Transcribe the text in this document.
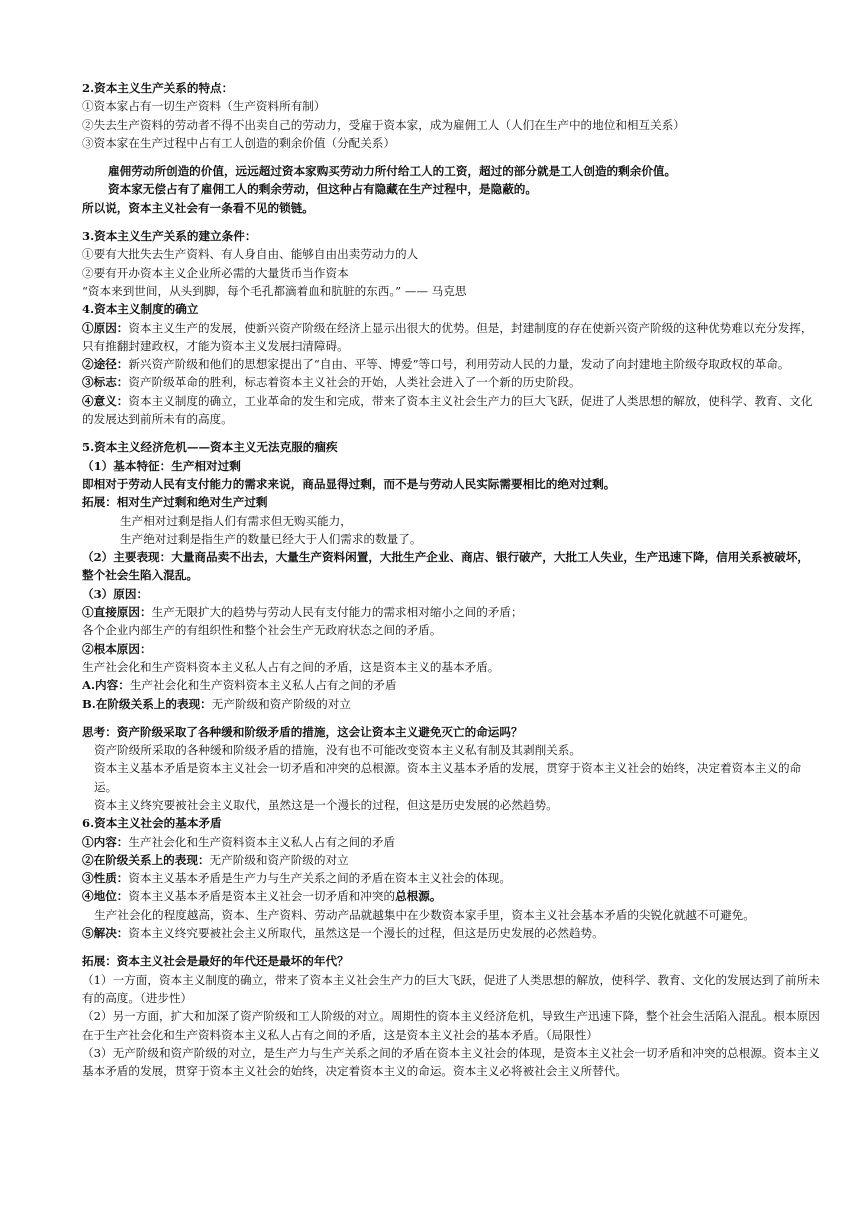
2.资本主义生产关系的特点：
①资本家占有一切生产资料（生产资料所有制）
②失去生产资料的劳动者不得不出卖自己的劳动力，受雇于资本家，成为雇佣工人（人们在生产中的地位和相互关系）
③资本家在生产过程中占有工人创造的剩余价值（分配关系）
雇佣劳动所创造的价值，远远超过资本家购买劳动力所付给工人的工资，超过的部分就是工人创造的剩余价值。
资本家无偿占有了雇佣工人的剩余劳动，但这种占有隐藏在生产过程中，是隐蔽的。
所以说，资本主义社会有一条看不见的锁链。
3.资本主义生产关系的建立条件：
①要有大批失去生产资料、有人身自由、能够自由出卖劳动力的人
②要有开办资本主义企业所必需的大量货币当作资本
“资本来到世间，从头到脚，每个毛孔都滴着血和肮脏的东西。” —— 马克思
4.资本主义制度的确立
①原因：资本主义生产的发展，使新兴资产阶级在经济上显示出很大的优势。但是，封建制度的存在使新兴资产阶级的这种优势难以充分发挥，只有推翻封建政权，才能为资本主义发展扫清障碍。
②途径：新兴资产阶级和他们的思想家提出了“自由、平等、博爱”等口号，利用劳动人民的力量，发动了向封建地主阶级夺取政权的革命。
③标志：资产阶级革命的胜利，标志着资本主义社会的开始，人类社会进入了一个新的历史阶段。
④意义：资本主义制度的确立，工业革命的发生和完成，带来了资本主义社会生产力的巨大飞跃，促进了人类思想的解放，使科学、教育、文化的发展达到前所未有的高度。
5.资本主义经济危机——资本主义无法克服的痼疾
（1）基本特征：生产相对过剩
即相对于劳动人民有支付能力的需求来说，商品显得过剩，而不是与劳动人民实际需要相比的绝对过剩。
拓展：相对生产过剩和绝对生产过剩
生产相对过剩是指人们有需求但无购买能力，
生产绝对过剩是指生产的数量已经大于人们需求的数量了。
（2）主要表现：大量商品卖不出去，大量生产资料闲置，大批生产企业、商店、银行破产，大批工人失业，生产迅速下降，信用关系被破坏，整个社会生陷入混乱。
（3）原因：
①直接原因：生产无限扩大的趋势与劳动人民有支付能力的需求相对缩小之间的矛盾；
各个企业内部生产的有组织性和整个社会生产无政府状态之间的矛盾。
②根本原因：
生产社会化和生产资料资本主义私人占有之间的矛盾，这是资本主义的基本矛盾。
A.内容：生产社会化和生产资料资本主义私人占有之间的矛盾
B.在阶级关系上的表现：无产阶级和资产阶级的对立
思考：资产阶级采取了各种缓和阶级矛盾的措施，这会让资本主义避免灭亡的命运吗？
资产阶级所采取的各种缓和阶级矛盾的措施，没有也不可能改变资本主义私有制及其剥削关系。
资本主义基本矛盾是资本主义社会一切矛盾和冲突的总根源。资本主义基本矛盾的发展，贯穿于资本主义社会的始终，决定着资本主义的命运。
资本主义终究要被社会主义取代，虽然这是一个漫长的过程，但这是历史发展的必然趋势。
6.资本主义社会的基本矛盾
①内容：生产社会化和生产资料资本主义私人占有之间的矛盾
②在阶级关系上的表现：无产阶级和资产阶级的对立
③性质：资本主义基本矛盾是生产力与生产关系之间的矛盾在资本主义社会的体现。
④地位：资本主义基本矛盾是资本主义社会一切矛盾和冲突的总根源。
生产社会化的程度越高，资本、生产资料、劳动产品就越集中在少数资本家手里，资本主义社会基本矛盾的尖锐化就越不可避免。
⑤解决：资本主义终究要被社会主义所取代，虽然这是一个漫长的过程，但这是历史发展的必然趋势。
拓展：资本主义社会是最好的年代还是最坏的年代？
（1）一方面，资本主义制度的确立，带来了资本主义社会生产力的巨大飞跃，促进了人类思想的解放，使科学、教育、文化的发展达到了前所未有的高度。（进步性）
（2）另一方面，扩大和加深了资产阶级和工人阶级的对立。周期性的资本主义经济危机，导致生产迅速下降，整个社会生活陷入混乱。根本原因在于生产社会化和生产资料资本主义私人占有之间的矛盾，这是资本主义社会的基本矛盾。（局限性）
（3）无产阶级和资产阶级的对立，是生产力与生产关系之间的矛盾在资本主义社会的体现，是资本主义社会一切矛盾和冲突的总根源。资本主义基本矛盾的发展，贯穿于资本主义社会的始终，决定着资本主义的命运。资本主义必将被社会主义所替代。
